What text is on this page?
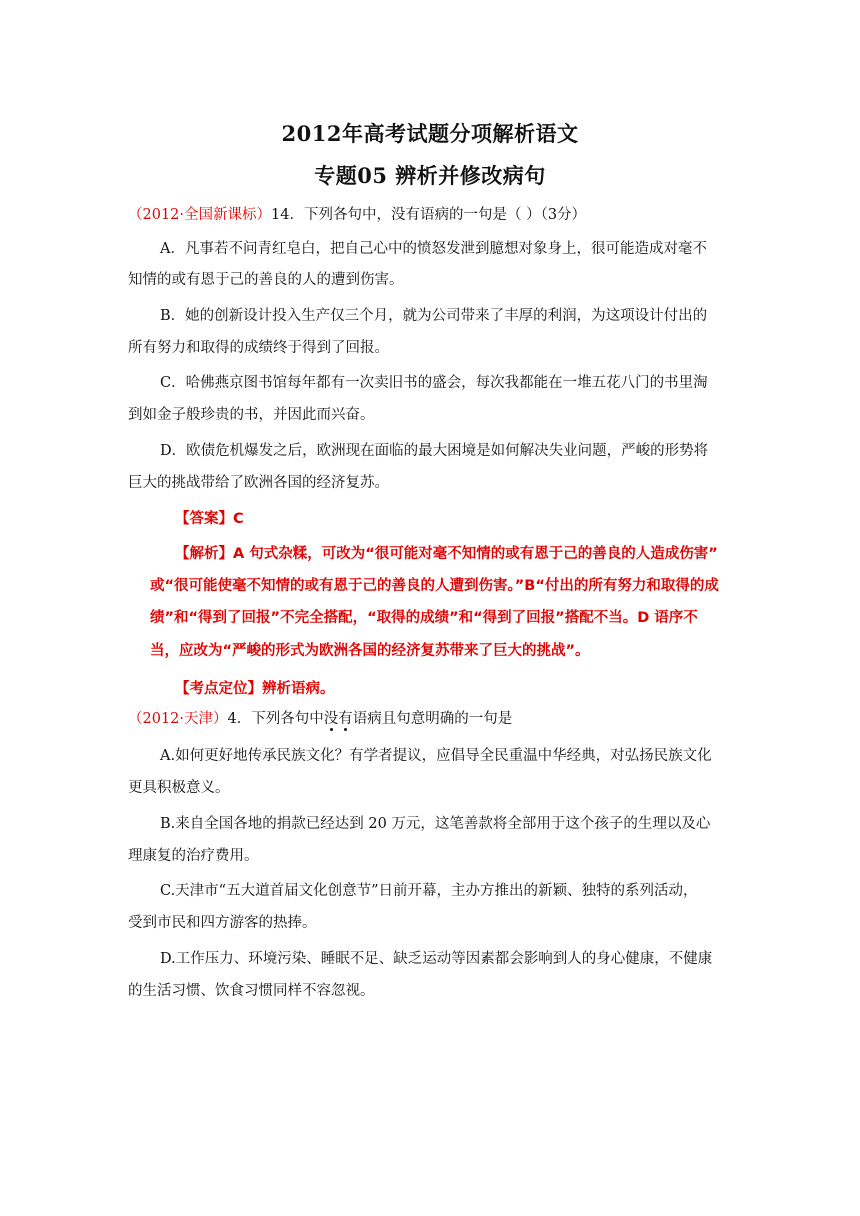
2012年高考试题分项解析语文
专题05 辨析并修改病句
（2012·全国新课标）14．下列各句中，没有语病的一句是（ ）（3分）
A．凡事若不问青红皂白，把自己心中的愤怒发泄到臆想对象身上，很可能造成对毫不
知情的或有恩于己的善良的人的遭到伤害。
B．她的创新设计投入生产仅三个月，就为公司带来了丰厚的利润，为这项设计付出的
所有努力和取得的成绩终于得到了回报。
C．哈佛燕京图书馆每年都有一次卖旧书的盛会，每次我都能在一堆五花八门的书里淘
到如金子般珍贵的书，并因此而兴奋。
D．欧债危机爆发之后，欧洲现在面临的最大困境是如何解决失业问题，严峻的形势将
巨大的挑战带给了欧洲各国的经济复苏。
【答案】C
【解析】A 句式杂糅，可改为“很可能对毫不知情的或有恩于己的善良的人造成伤害”
或“很可能使毫不知情的或有恩于己的善良的人遭到伤害。”B“付出的所有努力和取得的成
绩”和“得到了回报”不完全搭配，“取得的成绩”和“得到了回报”搭配不当。D 语序不
当，应改为“严峻的形式为欧洲各国的经济复苏带来了巨大的挑战”。
【考点定位】辨析语病。
（2012·天津）4．下列各句中没有语病且句意明确的一句是
A.如何更好地传承民族文化？有学者提议，应倡导全民重温中华经典，对弘扬民族文化
更具积极意义。
B.来自全国各地的捐款已经达到 20 万元，这笔善款将全部用于这个孩子的生理以及心
理康复的治疗费用。
C.天津市“五大道首届文化创意节”日前开幕，主办方推出的新颖、独特的系列活动，
受到市民和四方游客的热捧。
D.工作压力、环境污染、睡眠不足、缺乏运动等因素都会影响到人的身心健康，不健康
的生活习惯、饮食习惯同样不容忽视。
